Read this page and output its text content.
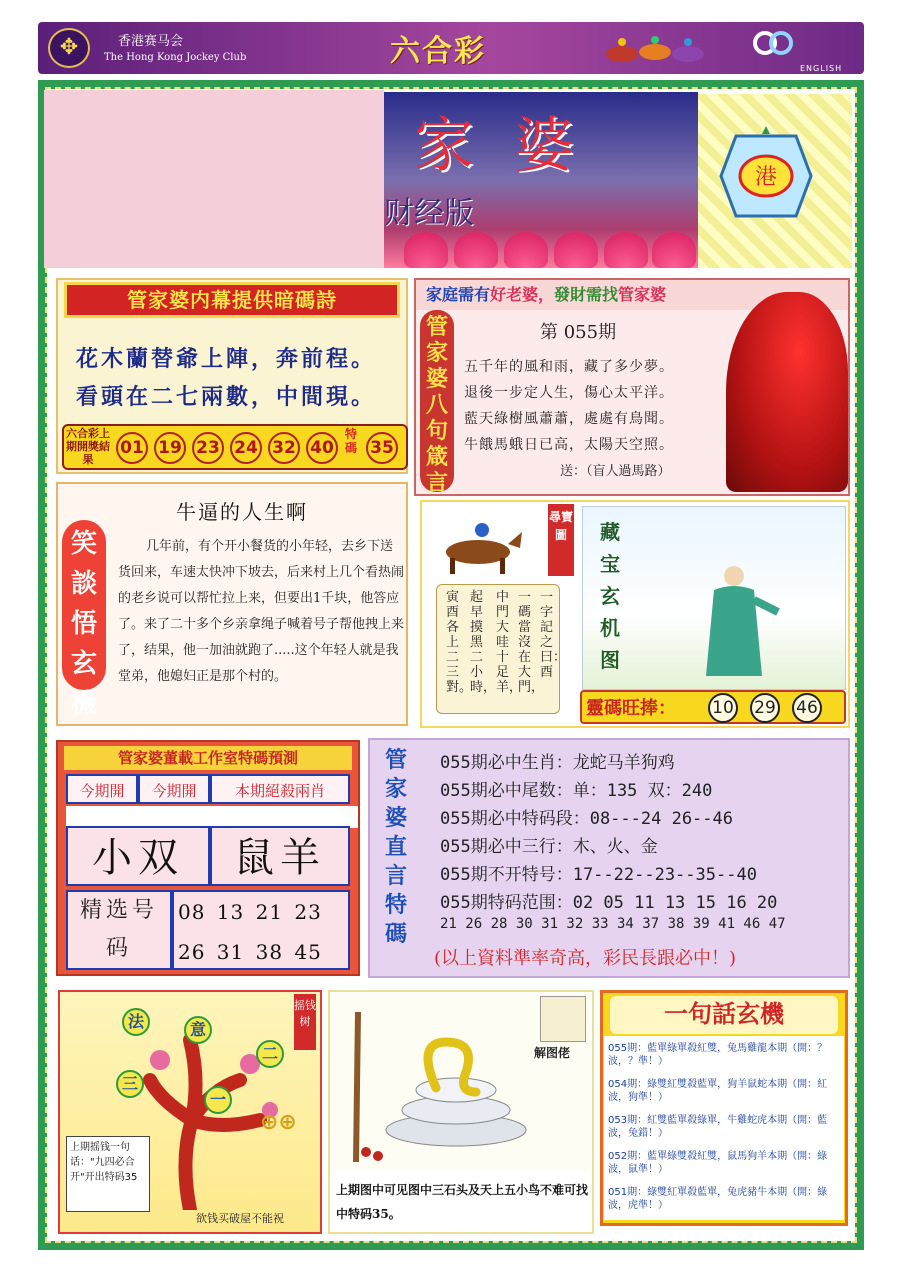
✥	香港赛马会
The Hong Kong Jockey Club	六合彩	ENGLISH
家婆
财经版
港
管家婆内幕提供暗碼詩
花木蘭替爺上陣，奔前程。
看頭在二七兩數，中間現。
六合彩上期開獎結果
01 19 23 24 32 40
特碼 35
家庭需有好老婆，發財需找管家婆
管家婆八句箴言
第 055期
五千年的風和雨，藏了多少夢。
退後一步定人生，傷心太平洋。
藍天綠樹風蕭蕭，處處有鳥聞。
牛餓馬蛾日已高，太陽天空照。
送：（盲人過馬路）
笑談悟玄機
牛逼的人生啊
几年前，有个开小餐货的小年轻，去乡下送货回来，车速太快冲下坡去，后来村上几个看热闹的老乡说可以帮忙拉上来，但要出1千块，他答应了。来了二十多个乡亲拿绳子喊着号子帮他拽上来了，结果，他一加油就跑了.....这个年轻人就是我堂弟，他媳妇正是那个村的。
尋寶圖
一字記之曰：酉
一碼當沒在大門，
中門大哇十足羊，
起早摸黑二小時，
寅酉各上二三對。
藏宝玄机图
靈碼旺捧： 10 29 46
管家婆董載工作室特碼預測
今期開	今期開	本期絕殺兩肖
小双	鼠羊
精选号码
08 13 21 23
26 31 38 45
管家婆直言特碼
055期必中生肖：龙蛇马羊狗鸡
055期必中尾数：单：135 双：240
055期必中特码段：08---24 26--46
055期必中三行：木、火、金
055期不开特号：17--22--23--35--40
055期特码范围：02 05 11 13 15 16 20
21 26 28 30 31 32 33 34 37 38 39 41 46 47
(以上資料準率奇高，彩民長跟必中！)
摇钱树
法	意
二
三
一
⊕⊕
上期摇钱一句话："九四必合开"开出特码35
欲钱买破屋不能祝
解图佬
上期图中可见图中三石头及天上五小鸟不难可找中特码35。
一句話玄機
055期：藍單綠單殺紅雙，兔馬雞龍本期（開：？波，？準！）
054期：綠雙紅雙殺藍單，狗羊鼠蛇本期（開：紅波，狗準！）
053期：紅雙藍單殺綠單，牛雞蛇虎本期（開：藍波，兔錯！）
052期：藍單綠雙殺紅雙，鼠馬狗羊本期（開：綠波，鼠準！）
051期：綠雙紅單殺藍單，兔虎豬牛本期（開：綠波，虎準！）
